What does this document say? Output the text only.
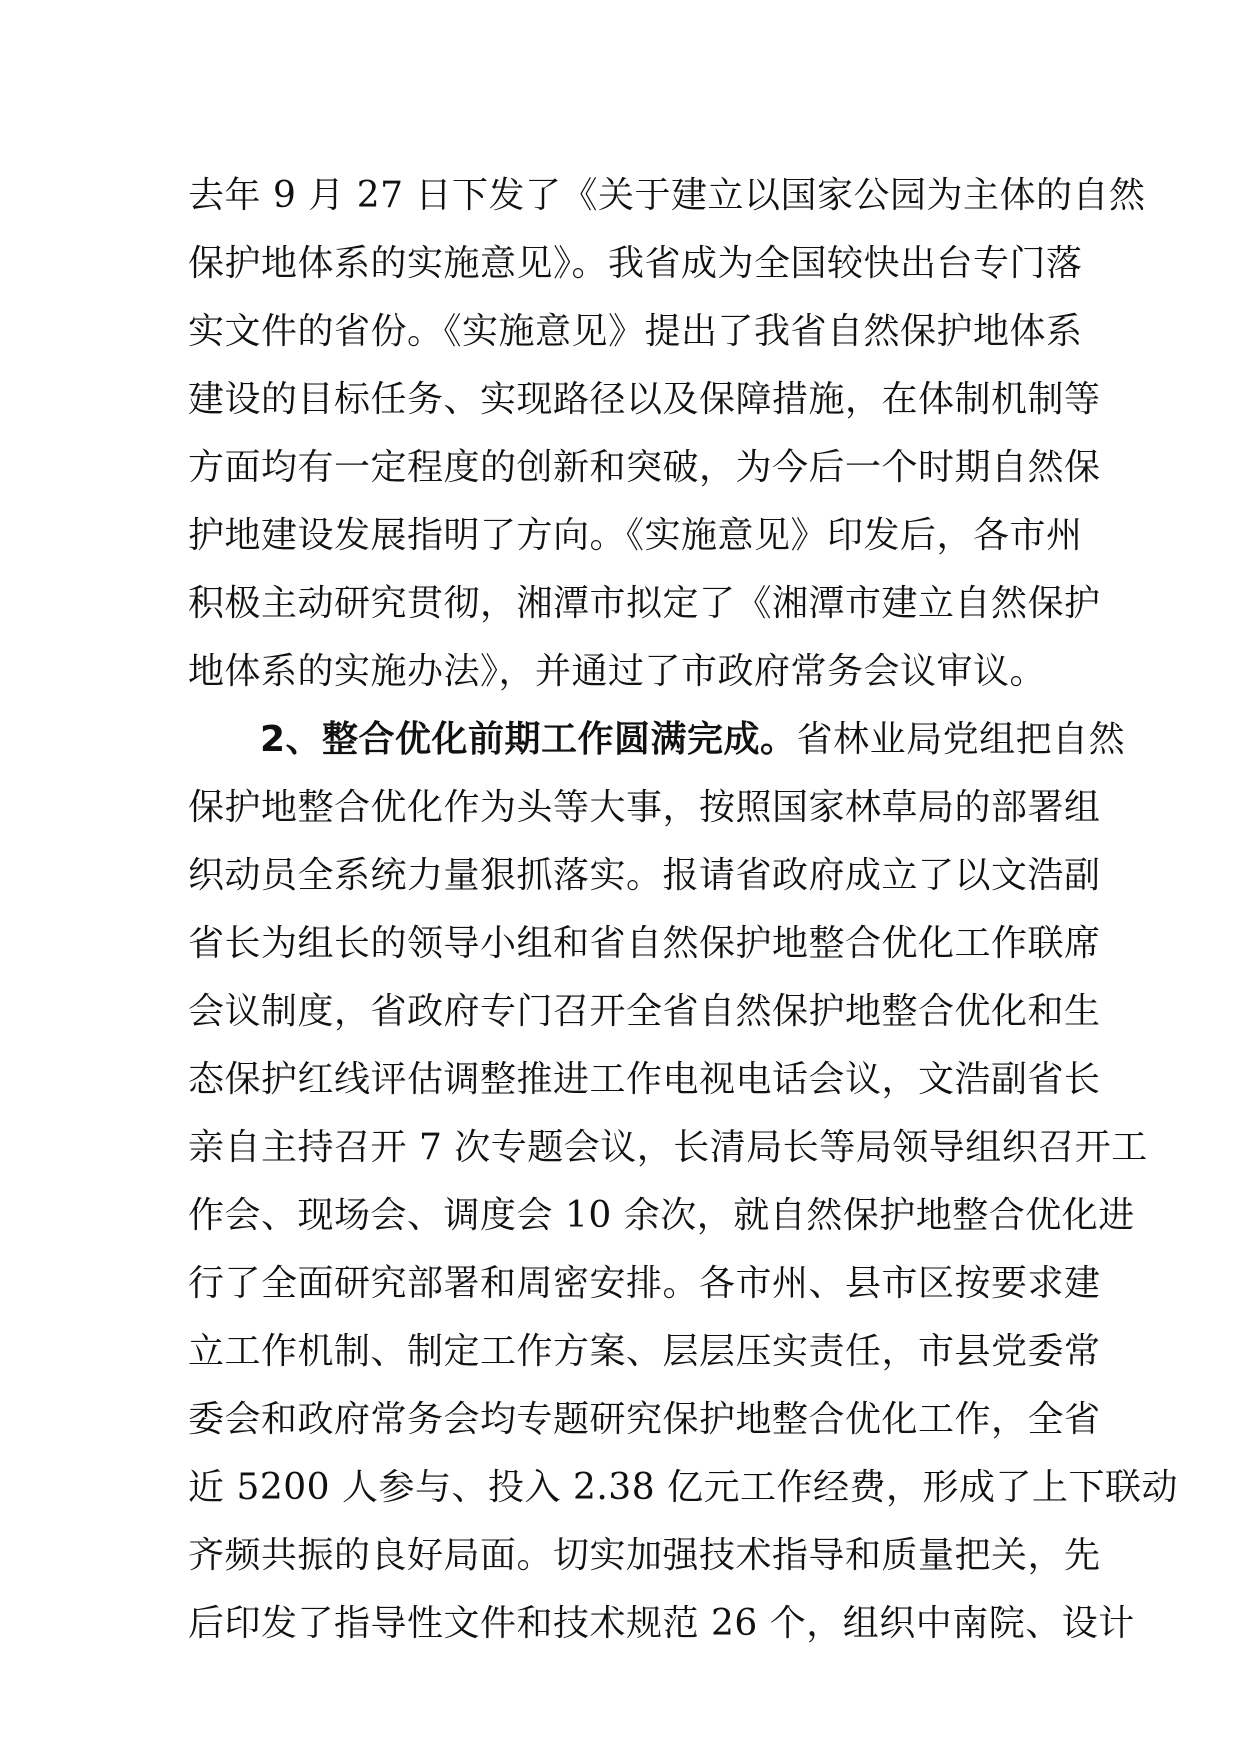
去年 9 月 27 日下发了《关于建立以国家公园为主体的自然
保护地体系的实施意见》。我省成为全国较快出台专门落
实文件的省份。《实施意见》提出了我省自然保护地体系
建设的目标任务、实现路径以及保障措施，在体制机制等
方面均有一定程度的创新和突破，为今后一个时期自然保
护地建设发展指明了方向。《实施意见》印发后，各市州
积极主动研究贯彻，湘潭市拟定了《湘潭市建立自然保护
地体系的实施办法》，并通过了市政府常务会议审议。
2、整合优化前期工作圆满完成。省林业局党组把自然
保护地整合优化作为头等大事，按照国家林草局的部署组
织动员全系统力量狠抓落实。报请省政府成立了以文浩副
省长为组长的领导小组和省自然保护地整合优化工作联席
会议制度，省政府专门召开全省自然保护地整合优化和生
态保护红线评估调整推进工作电视电话会议，文浩副省长
亲自主持召开 7 次专题会议，长清局长等局领导组织召开工
作会、现场会、调度会 10 余次，就自然保护地整合优化进
行了全面研究部署和周密安排。各市州、县市区按要求建
立工作机制、制定工作方案、层层压实责任，市县党委常
委会和政府常务会均专题研究保护地整合优化工作，全省
近 5200 人参与、投入 2.38 亿元工作经费，形成了上下联动
齐频共振的良好局面。切实加强技术指导和质量把关，先
后印发了指导性文件和技术规范 26 个，组织中南院、设计
